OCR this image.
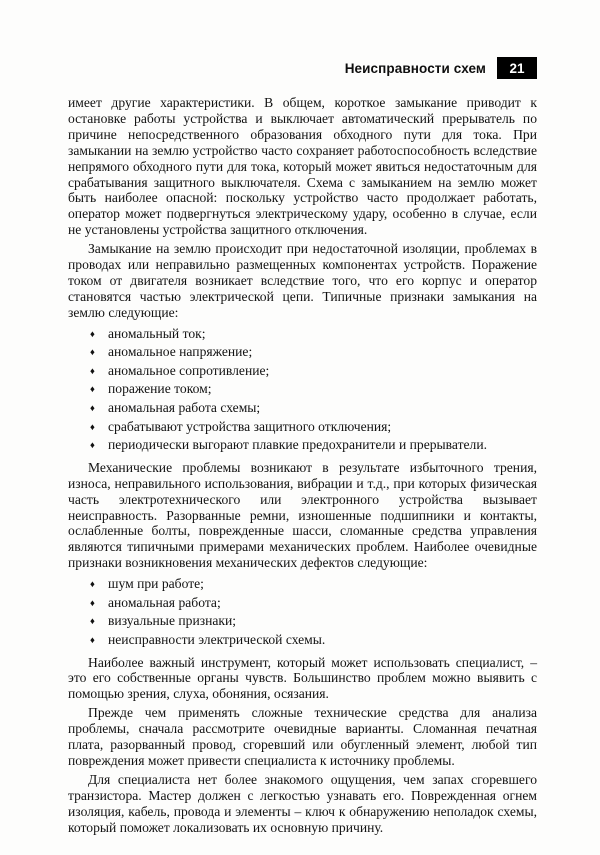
Неисправности схем 21

имеет другие характеристики. В общем, короткое замыкание приводит к остановке работы устройства и выключает автоматический прерыватель по причине непосредственного образования обходного пути для тока. При замыкании на землю устройство часто сохраняет работоспособность вследствие непрямого обходного пути для тока, который может явиться недостаточным для срабатывания защитного выключателя. Схема с замыканием на землю может быть наиболее опасной: поскольку устройство часто продолжает работать, оператор может подвергнуться электрическому удару, особенно в случае, если не установлены устройства защитного отключения.

Замыкание на землю происходит при недостаточной изоляции, проблемах в проводах или неправильно размещенных компонентах устройств. Поражение током от двигателя возникает вследствие того, что его корпус и оператор становятся частью электрической цепи. Типичные признаки замыкания на землю следующие:

♦ аномальный ток;
♦ аномальное напряжение;
♦ аномальное сопротивление;
♦ поражение током;
♦ аномальная работа схемы;
♦ срабатывают устройства защитного отключения;
♦ периодически выгорают плавкие предохранители и прерыватели.

Механические проблемы возникают в результате избыточного трения, износа, неправильного использования, вибрации и т.д., при которых физическая часть электротехнического или электронного устройства вызывает неисправность. Разорванные ремни, изношенные подшипники и контакты, ослабленные болты, поврежденные шасси, сломанные средства управления являются типичными примерами механических проблем. Наиболее очевидные признаки возникновения механических дефектов следующие:

♦ шум при работе;
♦ аномальная работа;
♦ визуальные признаки;
♦ неисправности электрической схемы.

Наиболее важный инструмент, который может использовать специалист, – это его собственные органы чувств. Большинство проблем можно выявить с помощью зрения, слуха, обоняния, осязания.

Прежде чем применять сложные технические средства для анализа проблемы, сначала рассмотрите очевидные варианты. Сломанная печатная плата, разорванный провод, сгоревший или обугленный элемент, любой тип повреждения может привести специалиста к источнику проблемы.

Для специалиста нет более знакомого ощущения, чем запах сгоревшего транзистора. Мастер должен с легкостью узнавать его. Поврежденная огнем изоляция, кабель, провода и элементы – ключ к обнаружению неполадок схемы, который поможет локализовать их основную причину.
